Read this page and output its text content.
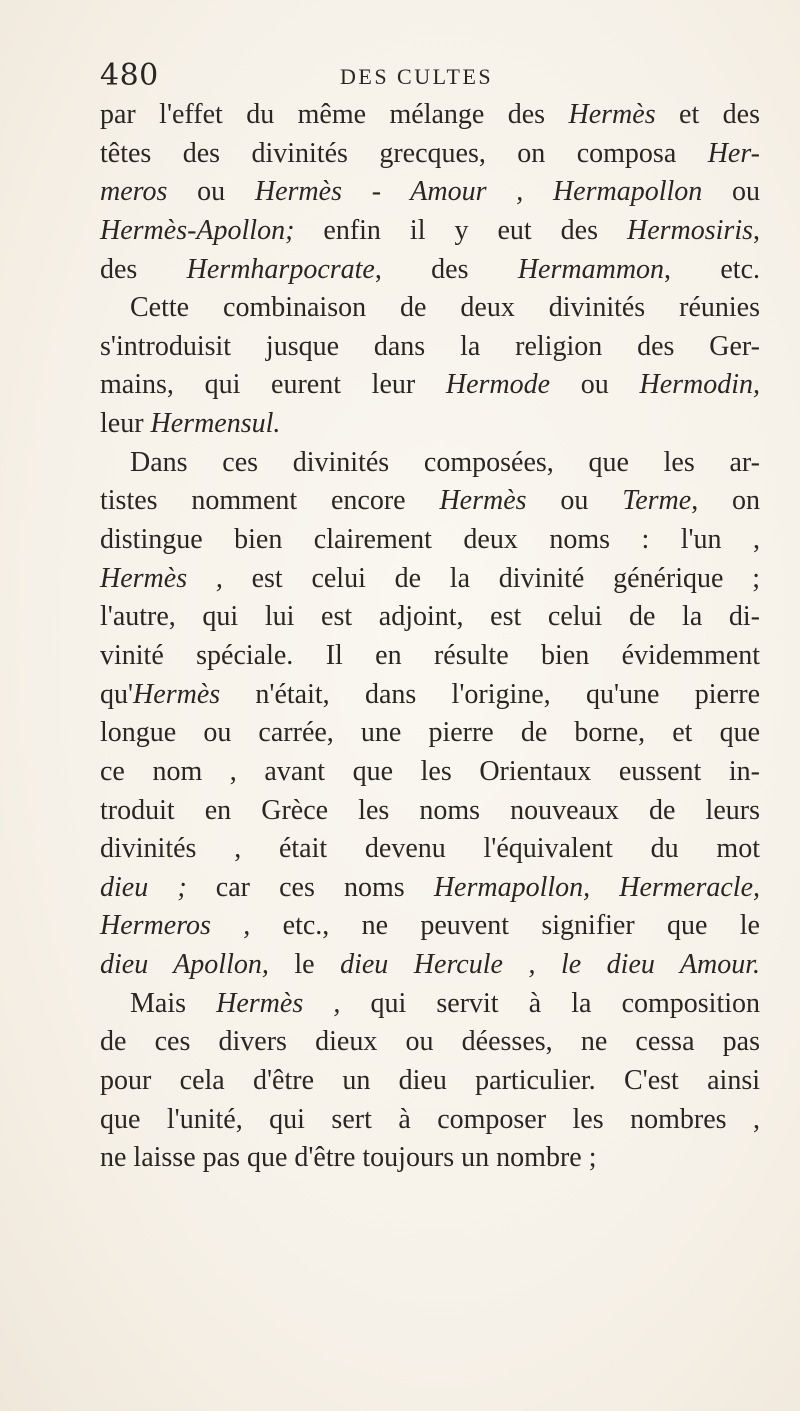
480	DES CULTES
par l'effet du même mélange des Hermès et des
têtes des divinités grecques, on composa Her-
meros ou Hermès - Amour , Hermapollon ou
Hermès-Apollon; enfin il y eut des Hermosiris,
des Hermharpocrate, des Hermammon, etc.
Cette combinaison de deux divinités réunies
s'introduisit jusque dans la religion des Ger-
mains, qui eurent leur Hermode ou Hermodin,
leur Hermensul.
Dans ces divinités composées, que les ar-
tistes nomment encore Hermès ou Terme, on
distingue bien clairement deux noms : l'un ,
Hermès , est celui de la divinité générique ;
l'autre, qui lui est adjoint, est celui de la di-
vinité spéciale. Il en résulte bien évidemment
qu'Hermès n'était, dans l'origine, qu'une pierre
longue ou carrée, une pierre de borne, et que
ce nom , avant que les Orientaux eussent in-
troduit en Grèce les noms nouveaux de leurs
divinités , était devenu l'équivalent du mot
dieu ; car ces noms Hermapollon, Hermeracle,
Hermeros , etc., ne peuvent signifier que le
dieu Apollon, le dieu Hercule , le dieu Amour.
Mais Hermès , qui servit à la composition
de ces divers dieux ou déesses, ne cessa pas
pour cela d'être un dieu particulier. C'est ainsi
que l'unité, qui sert à composer les nombres ,
ne laisse pas que d'être toujours un nombre ;
